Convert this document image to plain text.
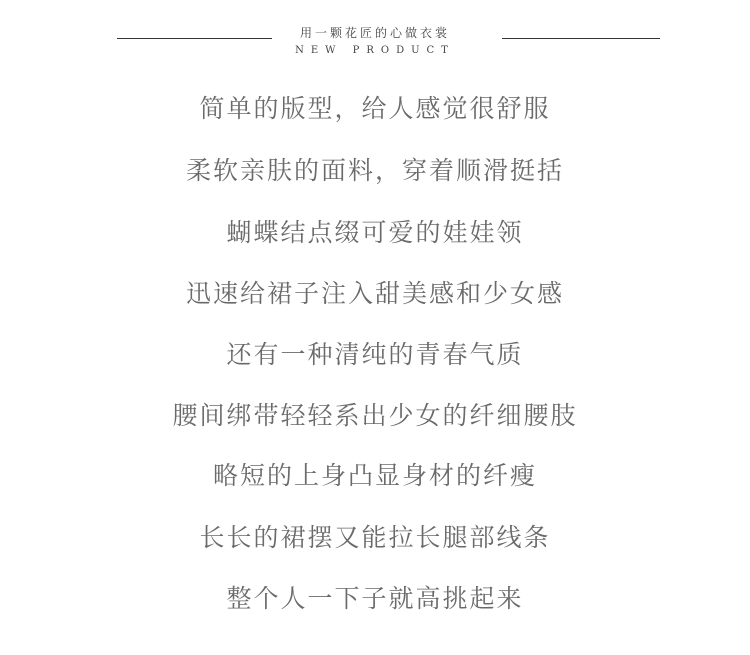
用一颗花匠的心做衣裳
NEW PRODUCT
简单的版型，给人感觉很舒服
柔软亲肤的面料，穿着顺滑挺括
蝴蝶结点缀可爱的娃娃领
迅速给裙子注入甜美感和少女感
还有一种清纯的青春气质
腰间绑带轻轻系出少女的纤细腰肢
略短的上身凸显身材的纤瘦
长长的裙摆又能拉长腿部线条
整个人一下子就高挑起来
